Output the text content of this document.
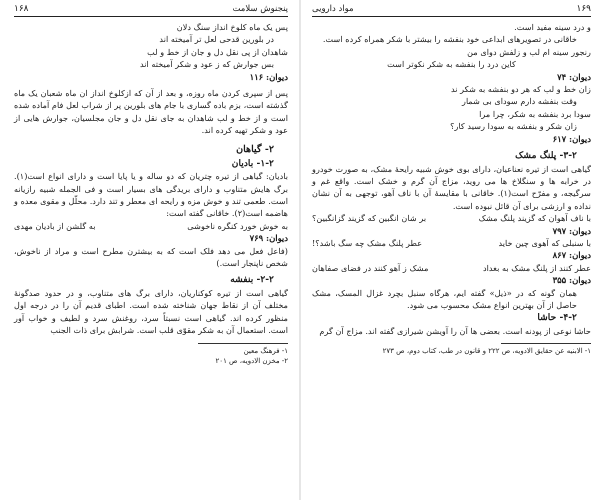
پنجنوش سلامت
۱۶۸
پس یک ماه کلوخ انداز سنگ دلان
در بلورین قدحی لعل تر آمیخته اند
شاهدان از پی نقل دل و جان از خط و لب
بس جوارش که ز عود و شکر آمیخته اند
دیوان: ۱۱۶

پس از سپری کردن ماه روزه، و بعد از آن که ازکلوخ انداز ان ماه شعبان یک ماه گذشته است، بزم باده گساری با جام های بلورین پر از شراب لعل فام آماده شده است و از خط و لب شاهدان به جای نقل دل و جان مجلسیان، جوارش هایی از عود و شکر تهیه کرده اند.

۲- گیاهان
۱-۲- بادیان

بادیان: گیاهی از تیره چتریان که دو ساله و یا پایا است و دارای انواع است(۱). برگ هایش متناوب و دارای بریدگی های بسیار است و فی الجمله شبیه رازیانه است. طعمی تند و خوش مزه و رایحه ای معطر و تند دارد. محلّل و مقوی معده و هاضمه است(۲). خاقانی گفته است:

به خوش خورد کنگره ناخوشی
به گلشن از بادیان مهدی
دیوان: ۷۶۹

(فاعل فعل می دهد فلک است که به بیشترن مطرح است و مراد از ناخوش، شخص ناپنجار است.)

۲-۲- بنفشه

گیاهی است از تیره کوکناریان، دارای برگ های متناوب، و در حدود صدگونهٔ مختلف آن از نقاط جهان شناخته شده است. اطبای قدیم آن را در درجه اول منظور کرده اند. گیاهی است نسبتاً سرد، روغنش سرد و لطیف و خواب آور است. استعمال آن به شکر مقوّی قلب است. شرابش برای ذات الجنب

۱- فرهنگ معین
۲- مخزن الادویه، ص ۲۰۱
۱۶۹
مواد دارویی
و درد سینه مفید است.

خاقانی در تصویرهای ابداعی خود بنفشه را بیشتر با شکر همراه کرده است.

رنجور سینه ام لب و زلفش دوای من
کاین درد را بنفشه به شکر نکوتر است
دیوان: ۷۴
زان خط و لب که هر دو بنفشه به شکر ند
وقت بنفشه دارم سودای بی شمار
سودا برد بنفشه به شکر، چرا مرا
زان شکر و بنفشه به سودا رسید کار؟
دیوان: ۶۱۷
۳-۲- پلنگ مشک

گیاهی است از تیره نعناعیان، دارای بوی خوش شبیه رایحهٔ مشک، به صورت خودرو در خرابه ها و سنگلاخ ها می روید، مزاج آن گرم و خشک است. واقع غم و سرگیجه، و مفرّح است(۱). خاقانی با مقایسهٔ آن با ناف آهو، توجهی به آن نشان نداده و ارزشی برای آن قائل نبوده است.

با ناف آهوان که گزیند پلنگ مشک
بر شان انگبین که گزیند گزانگبین؟
دیوان: ۷۹۷
با سنبلی که آهوی چین خاید
عطر پلنگ مشک چه سگ باشد؟!
دیوان: ۸۶۷
عطر کنند از پلنگ مشک به بغداد
مشک ز آهو کنند در فضای صفاهان
دیوان: ۳۵۵

همان گونه که در «ذیل» گفته ایم، هرگاه سنبل بچرد غزال المسک، مشک حاصل از آن بهترین انواع مشک محسوب می شود.

۴-۲- حاشا

حاشا نوعی از پودنه است. بعضی ها آن را آویشن شیرازی گفته اند. مزاج آن گرم

۱- الابنیه عن حقایق الادویه، ص ۲۲۲ و قانون در طب، کتاب دوم، ص ۲۷۳
